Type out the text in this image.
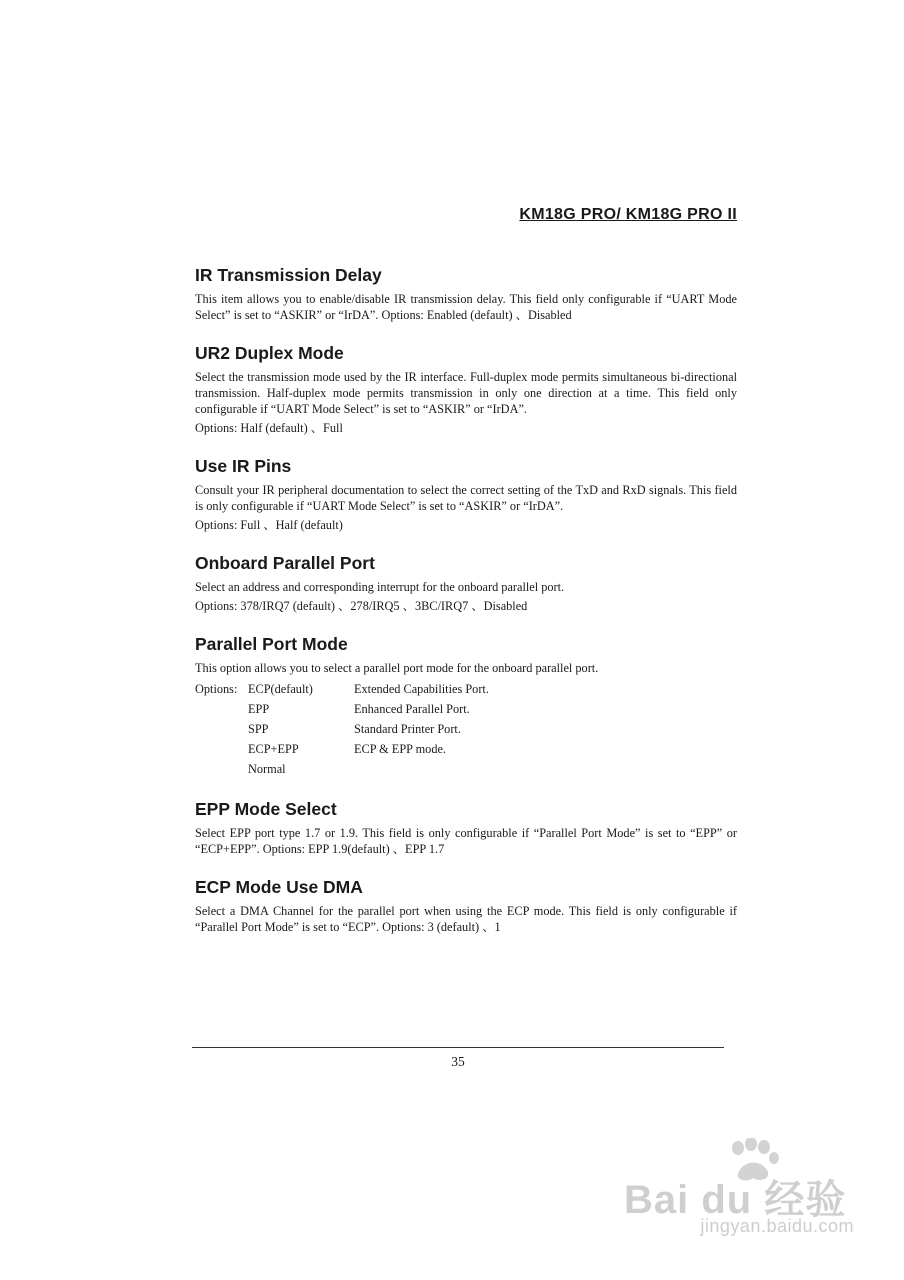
KM18G PRO/ KM18G PRO II
IR Transmission Delay

This item allows you to enable/disable IR transmission delay. This field only configurable if “UART Mode Select” is set to “ASKIR” or “IrDA”. Options: Enabled (default) 、Disabled

UR2 Duplex Mode

Select the transmission mode used by the IR interface. Full-duplex mode permits simultaneous bi-directional transmission. Half-duplex mode permits transmission in only one direction at a time. This field only configurable if “UART Mode Select” is set to “ASKIR” or “IrDA”.

Options: Half (default) 、Full

Use IR Pins

Consult your IR peripheral documentation to select the correct setting of the TxD and RxD signals. This field is only configurable if “UART Mode Select” is set to “ASKIR” or “IrDA”.

Options: Full 、Half (default)

Onboard Parallel Port

Select an address and corresponding interrupt for the onboard parallel port.

Options: 378/IRQ7 (default) 、278/IRQ5 、3BC/IRQ7 、Disabled

Parallel Port Mode

This option allows you to select a parallel port mode for the onboard parallel port.

Options:	ECP(default)	Extended Capabilities Port.
	EPP	Enhanced Parallel Port.
	SPP	Standard Printer Port.
	ECP+EPP	ECP & EPP mode.
	Normal	
EPP Mode Select

Select EPP port type 1.7 or 1.9. This field is only configurable if “Parallel Port Mode” is set to “EPP” or “ECP+EPP”. Options: EPP 1.9(default) 、EPP 1.7

ECP Mode Use DMA

Select a DMA Channel for the parallel port when using the ECP mode. This field is only configurable if “Parallel Port Mode” is set to “ECP”. Options: 3 (default) 、1

35
Bai du 经验
jingyan.baidu.com
